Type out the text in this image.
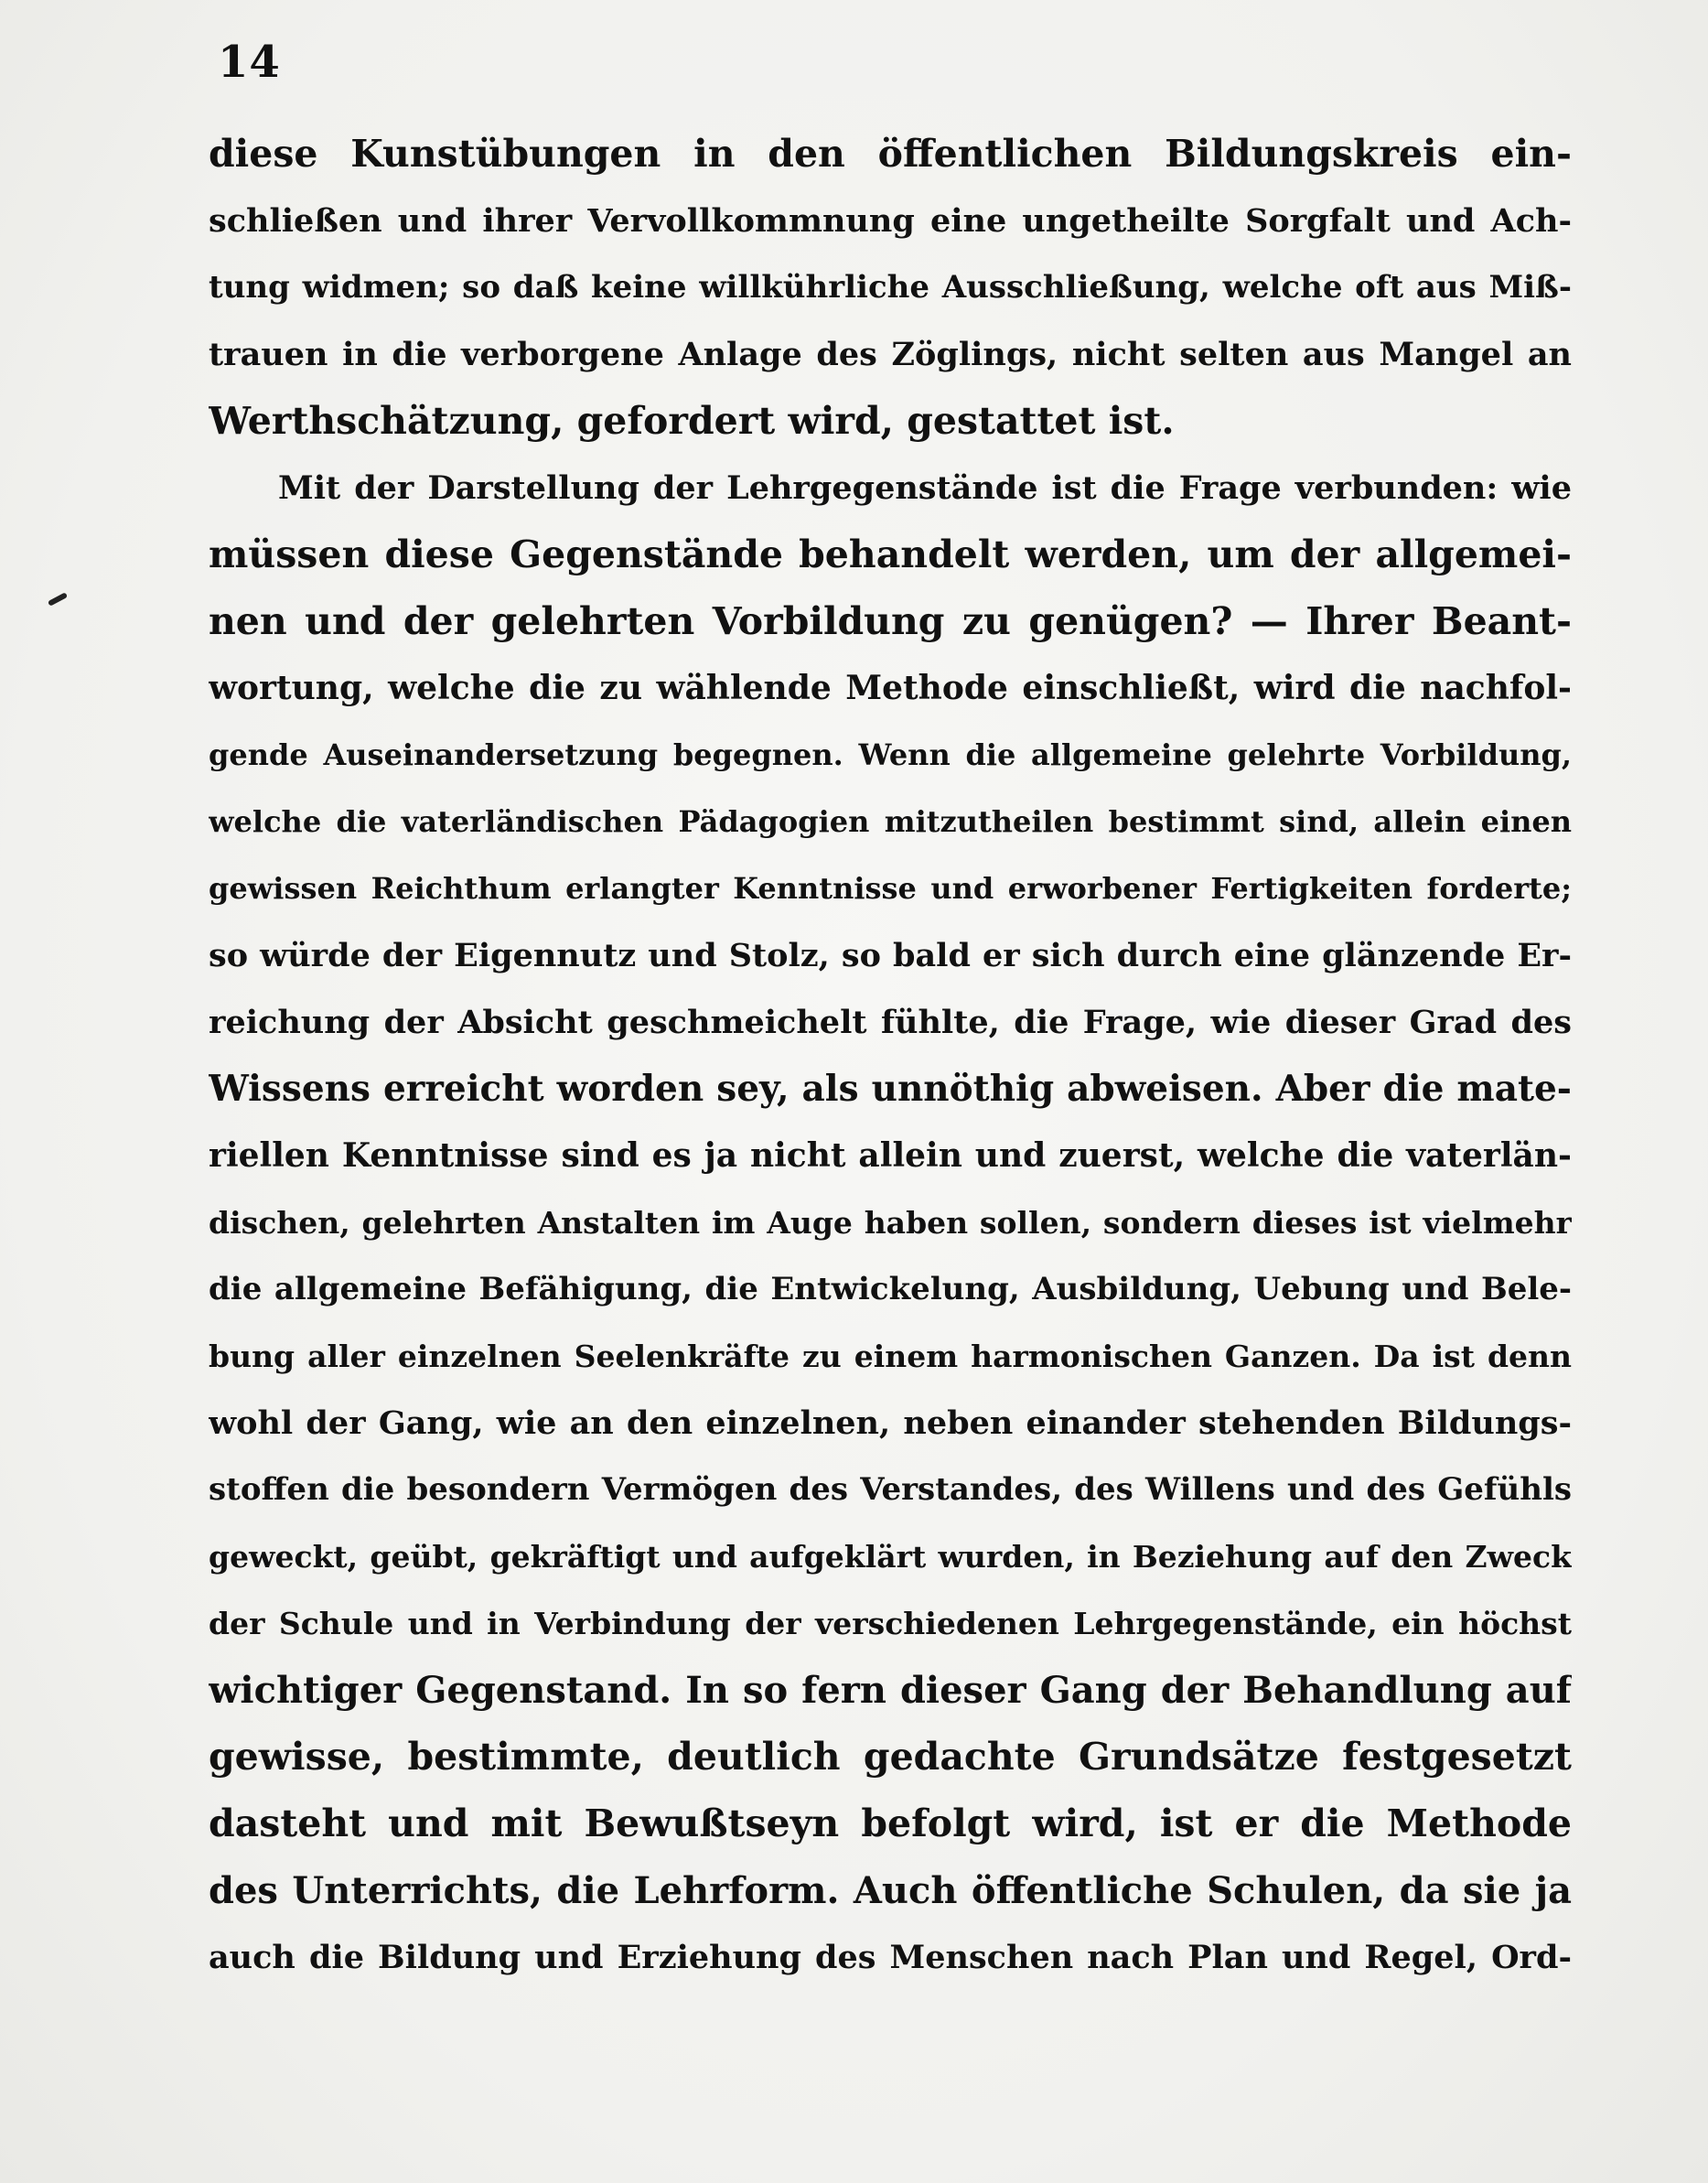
14
diese Kunstübungen in den öffentlichen Bildungskreis ein-
schließen und ihrer Vervollkommnung eine ungetheilte Sorgfalt und Ach-
tung widmen; so daß keine willkührliche Ausschließung, welche oft aus Miß-
trauen in die verborgene Anlage des Zöglings, nicht selten aus Mangel an
Werthschätzung, gefordert wird, gestattet ist.
Mit der Darstellung der Lehrgegenstände ist die Frage verbunden: wie
müssen diese Gegenstände behandelt werden, um der allgemei-
nen und der gelehrten Vorbildung zu genügen? — Ihrer Beant-
wortung, welche die zu wählende Methode einschließt, wird die nachfol-
gende Auseinandersetzung begegnen. Wenn die allgemeine gelehrte Vorbildung,
welche die vaterländischen Pädagogien mitzutheilen bestimmt sind, allein einen
gewissen Reichthum erlangter Kenntnisse und erworbener Fertigkeiten forderte;
so würde der Eigennutz und Stolz, so bald er sich durch eine glänzende Er-
reichung der Absicht geschmeichelt fühlte, die Frage, wie dieser Grad des
Wissens erreicht worden sey, als unnöthig abweisen. Aber die mate-
riellen Kenntnisse sind es ja nicht allein und zuerst, welche die vaterlän-
dischen, gelehrten Anstalten im Auge haben sollen, sondern dieses ist vielmehr
die allgemeine Befähigung, die Entwickelung, Ausbildung, Uebung und Bele-
bung aller einzelnen Seelenkräfte zu einem harmonischen Ganzen. Da ist denn
wohl der Gang, wie an den einzelnen, neben einander stehenden Bildungs-
stoffen die besondern Vermögen des Verstandes, des Willens und des Gefühls
geweckt, geübt, gekräftigt und aufgeklärt wurden, in Beziehung auf den Zweck
der Schule und in Verbindung der verschiedenen Lehrgegenstände, ein höchst
wichtiger Gegenstand. In so fern dieser Gang der Behandlung auf
gewisse, bestimmte, deutlich gedachte Grundsätze festgesetzt
dasteht und mit Bewußtseyn befolgt wird, ist er die Methode
des Unterrichts, die Lehrform. Auch öffentliche Schulen, da sie ja
auch die Bildung und Erziehung des Menschen nach Plan und Regel, Ord-
